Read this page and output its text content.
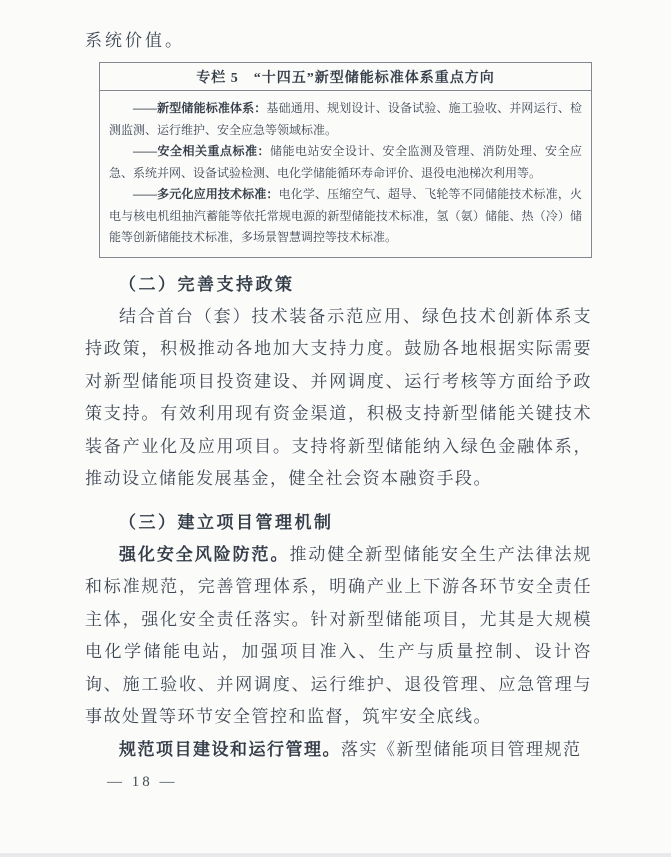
系统价值。

专栏 5　“十四五”新型储能标准体系重点方向

——新型储能标准体系：基础通用、规划设计、设备试验、施工验收、并网运行、检测监测、运行维护、安全应急等领域标准。

——安全相关重点标准：储能电站安全设计、安全监测及管理、消防处理、安全应急、系统并网、设备试验检测、电化学储能循环寿命评价、退役电池梯次利用等。

——多元化应用技术标准：电化学、压缩空气、超导、飞轮等不同储能技术标准，火电与核电机组抽汽蓄能等依托常规电源的新型储能技术标准，氢（氨）储能、热（冷）储能等创新储能技术标准，多场景智慧调控等技术标准。

（二）完善支持政策

结合首台（套）技术装备示范应用、绿色技术创新体系支持政策，积极推动各地加大支持力度。鼓励各地根据实际需要对新型储能项目投资建设、并网调度、运行考核等方面给予政策支持。有效利用现有资金渠道，积极支持新型储能关键技术装备产业化及应用项目。支持将新型储能纳入绿色金融体系，推动设立储能发展基金，健全社会资本融资手段。

（三）建立项目管理机制

强化安全风险防范。推动健全新型储能安全生产法律法规和标准规范，完善管理体系，明确产业上下游各环节安全责任主体，强化安全责任落实。针对新型储能项目，尤其是大规模电化学储能电站，加强项目准入、生产与质量控制、设计咨询、施工验收、并网调度、运行维护、退役管理、应急管理与事故处置等环节安全管控和监督，筑牢安全底线。

规范项目建设和运行管理。落实《新型储能项目管理规范

— 18 —
